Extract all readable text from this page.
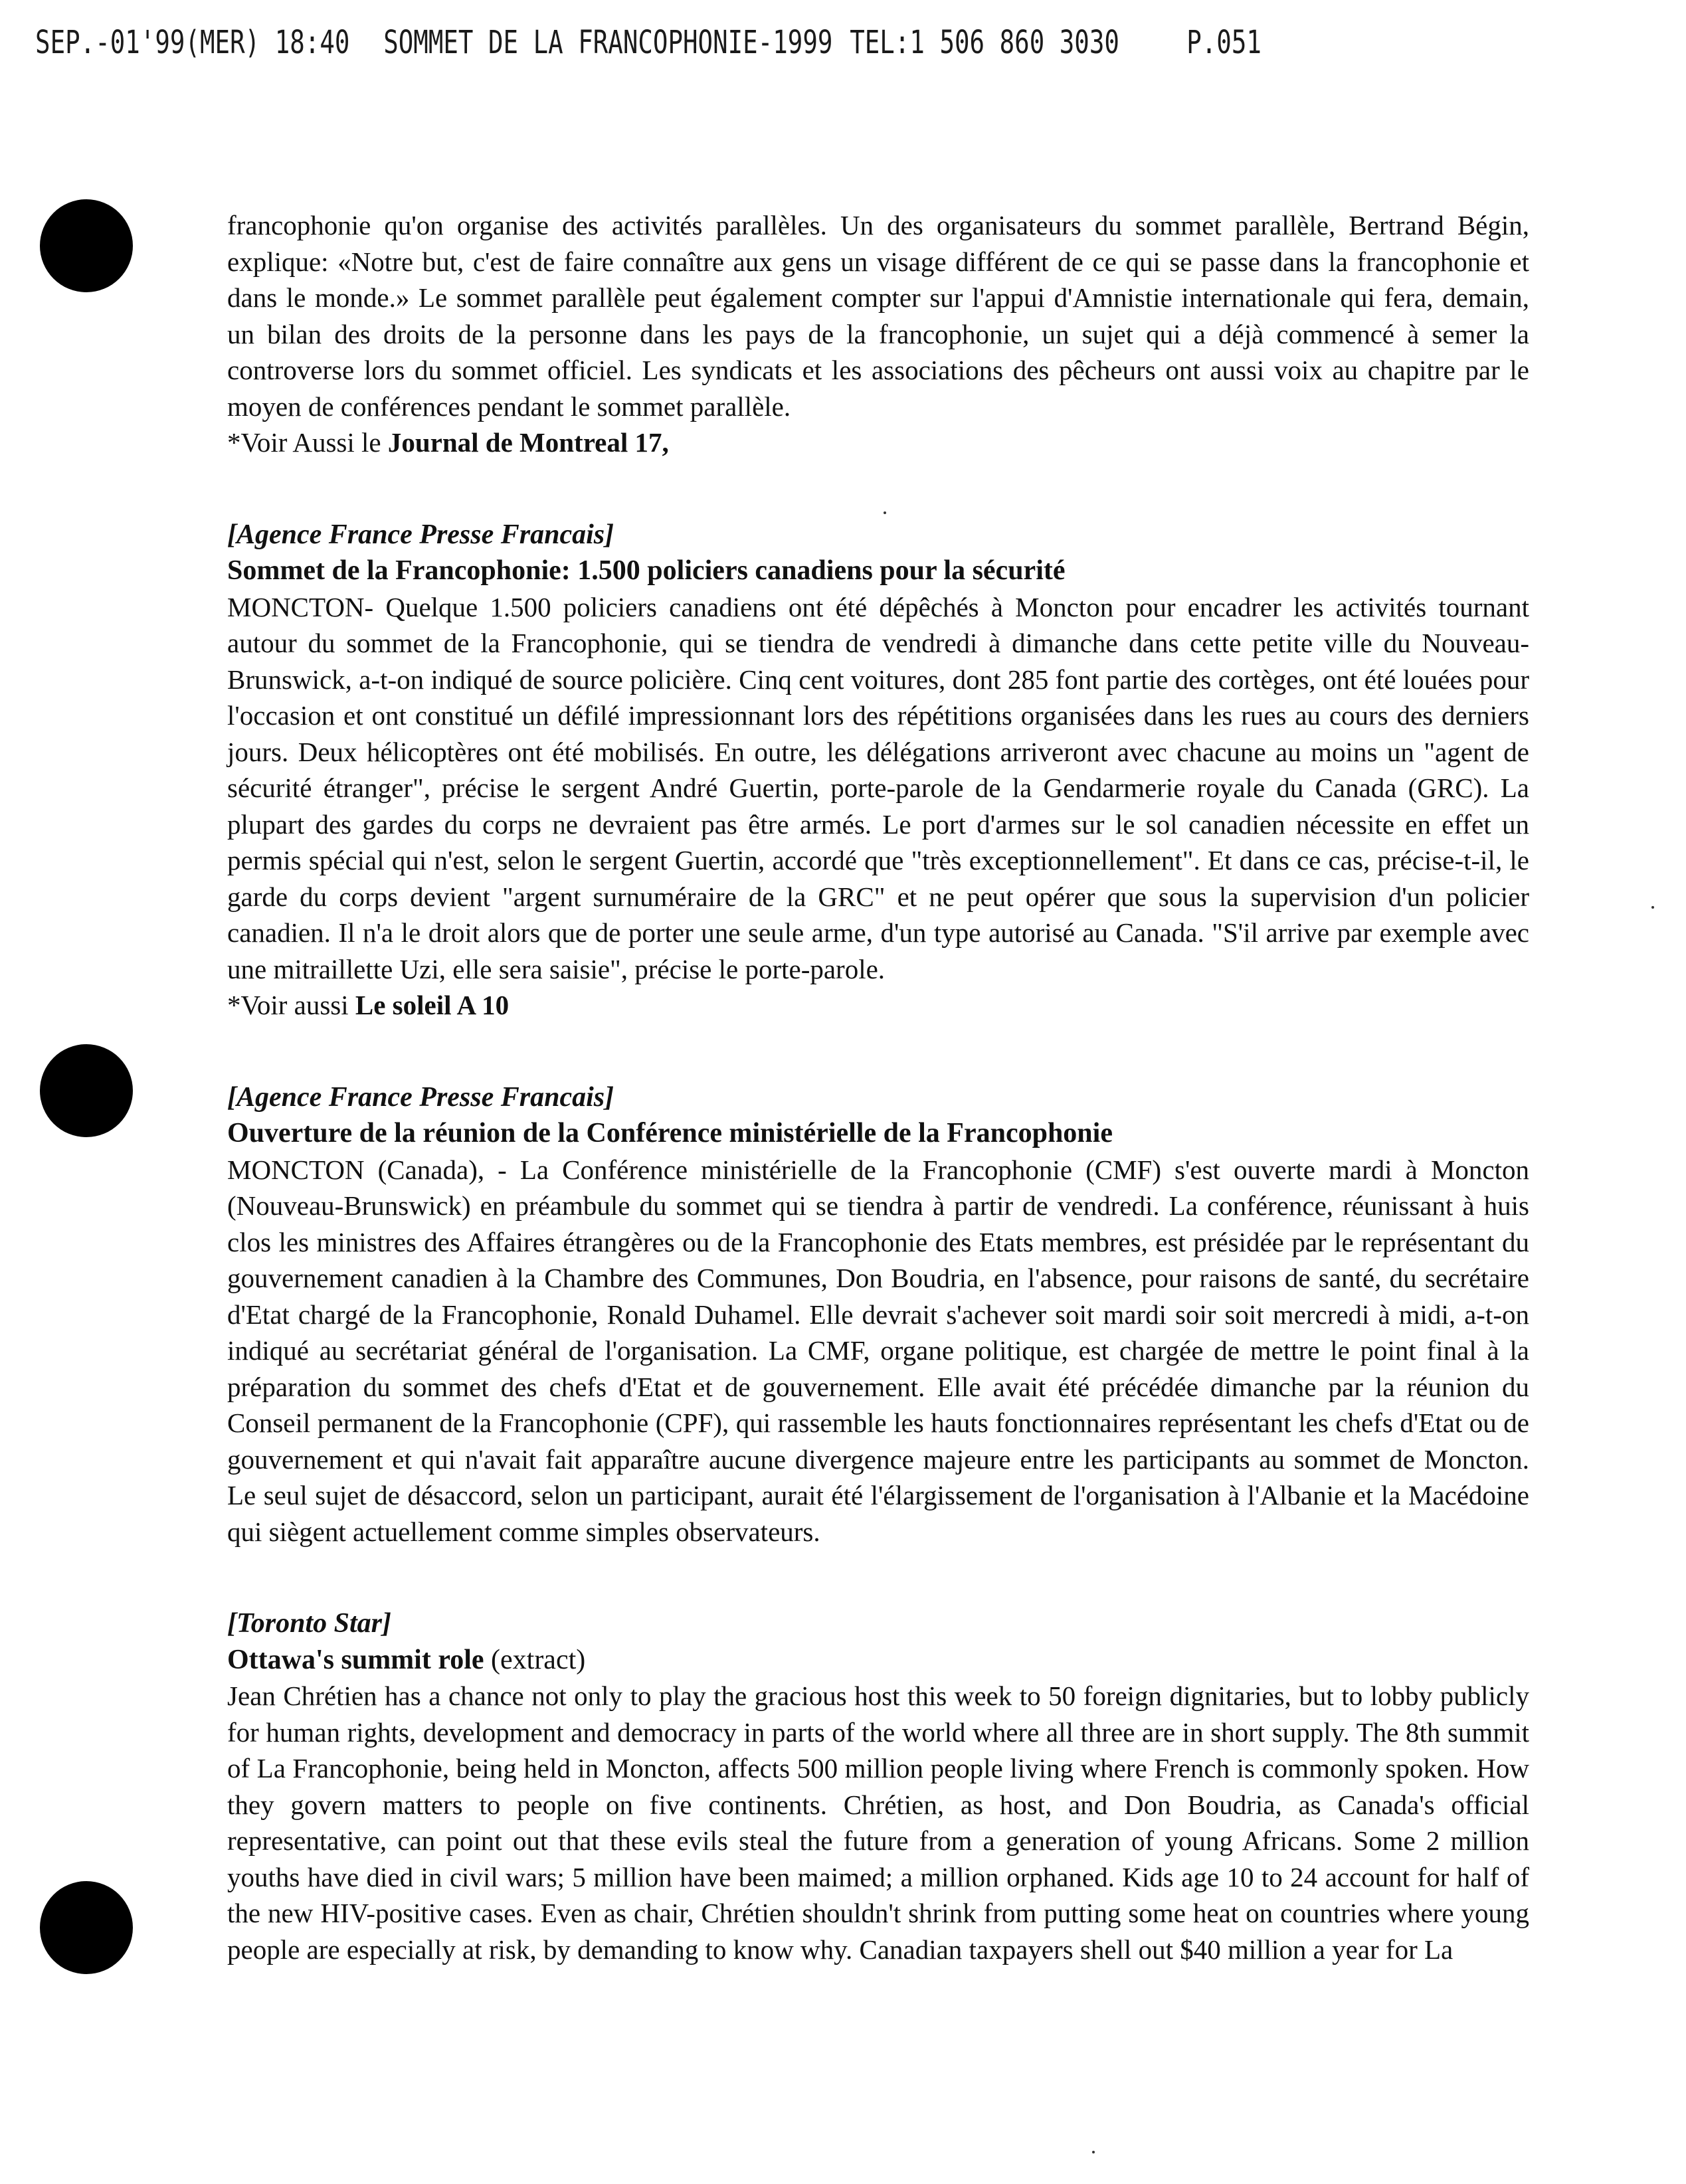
SEP.-01'99(MER) 18:40 SOMMET DE LA FRANCOPHONIE-1999 TEL:1 506 860 3030 P.051

francophonie qu'on organise des activités parallèles. Un des organisateurs du sommet parallèle, Bertrand Bégin, explique: «Notre but, c'est de faire connaître aux gens un visage différent de ce qui se passe dans la francophonie et dans le monde.» Le sommet parallèle peut également compter sur l'appui d'Amnistie internationale qui fera, demain, un bilan des droits de la personne dans les pays de la francophonie, un sujet qui a déjà commencé à semer la controverse lors du sommet officiel. Les syndicats et les associations des pêcheurs ont aussi voix au chapitre par le moyen de conférences pendant le sommet parallèle.

*Voir Aussi le Journal de Montreal 17,

[Agence France Presse Francais]

Sommet de la Francophonie: 1.500 policiers canadiens pour la sécurité

MONCTON- Quelque 1.500 policiers canadiens ont été dépêchés à Moncton pour encadrer les activités tournant autour du sommet de la Francophonie, qui se tiendra de vendredi à dimanche dans cette petite ville du Nouveau-Brunswick, a-t-on indiqué de source policière. Cinq cent voitures, dont 285 font partie des cortèges, ont été louées pour l'occasion et ont constitué un défilé impressionnant lors des répétitions organisées dans les rues au cours des derniers jours. Deux hélicoptères ont été mobilisés. En outre, les délégations arriveront avec chacune au moins un "agent de sécurité étranger", précise le sergent André Guertin, porte-parole de la Gendarmerie royale du Canada (GRC). La plupart des gardes du corps ne devraient pas être armés. Le port d'armes sur le sol canadien nécessite en effet un permis spécial qui n'est, selon le sergent Guertin, accordé que "très exceptionnellement". Et dans ce cas, précise-t-il, le garde du corps devient "argent surnuméraire de la GRC" et ne peut opérer que sous la supervision d'un policier canadien. Il n'a le droit alors que de porter une seule arme, d'un type autorisé au Canada. "S'il arrive par exemple avec une mitraillette Uzi, elle sera saisie", précise le porte-parole.

*Voir aussi Le soleil A 10

[Agence France Presse Francais]

Ouverture de la réunion de la Conférence ministérielle de la Francophonie

MONCTON (Canada), - La Conférence ministérielle de la Francophonie (CMF) s'est ouverte mardi à Moncton (Nouveau-Brunswick) en préambule du sommet qui se tiendra à partir de vendredi. La conférence, réunissant à huis clos les ministres des Affaires étrangères ou de la Francophonie des Etats membres, est présidée par le représentant du gouvernement canadien à la Chambre des Communes, Don Boudria, en l'absence, pour raisons de santé, du secrétaire d'Etat chargé de la Francophonie, Ronald Duhamel. Elle devrait s'achever soit mardi soir soit mercredi à midi, a-t-on indiqué au secrétariat général de l'organisation. La CMF, organe politique, est chargée de mettre le point final à la préparation du sommet des chefs d'Etat et de gouvernement. Elle avait été précédée dimanche par la réunion du Conseil permanent de la Francophonie (CPF), qui rassemble les hauts fonctionnaires représentant les chefs d'Etat ou de gouvernement et qui n'avait fait apparaître aucune divergence majeure entre les participants au sommet de Moncton. Le seul sujet de désaccord, selon un participant, aurait été l'élargissement de l'organisation à l'Albanie et la Macédoine qui siègent actuellement comme simples observateurs.

[Toronto Star]

Ottawa's summit role (extract)

Jean Chrétien has a chance not only to play the gracious host this week to 50 foreign dignitaries, but to lobby publicly for human rights, development and democracy in parts of the world where all three are in short supply. The 8th summit of La Francophonie, being held in Moncton, affects 500 million people living where French is commonly spoken. How they govern matters to people on five continents. Chrétien, as host, and Don Boudria, as Canada's official representative, can point out that these evils steal the future from a generation of young Africans. Some 2 million youths have died in civil wars; 5 million have been maimed; a million orphaned. Kids age 10 to 24 account for half of the new HIV-positive cases. Even as chair, Chrétien shouldn't shrink from putting some heat on countries where young people are especially at risk, by demanding to know why. Canadian taxpayers shell out $40 million a year for La
